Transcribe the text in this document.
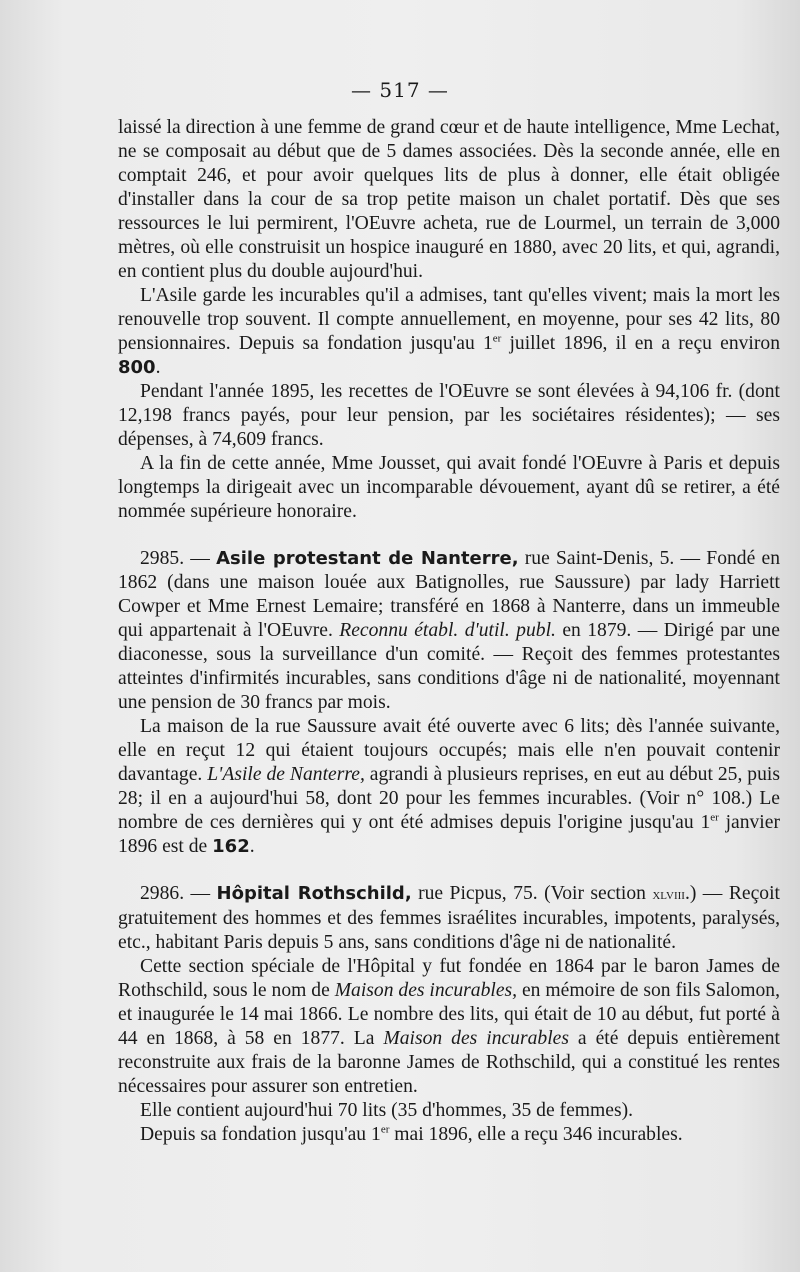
— 517 —

laissé la direction à une femme de grand cœur et de haute intelligence, Mme Lechat, ne se composait au début que de 5 dames associées. Dès la seconde année, elle en comptait 246, et pour avoir quelques lits de plus à donner, elle était obligée d'installer dans la cour de sa trop petite maison un chalet portatif. Dès que ses ressources le lui permirent, l'OEuvre acheta, rue de Lourmel, un terrain de 3,000 mètres, où elle construisit un hospice inauguré en 1880, avec 20 lits, et qui, agrandi, en contient plus du double aujourd'hui.

L'Asile garde les incurables qu'il a admises, tant qu'elles vivent; mais la mort les renouvelle trop souvent. Il compte annuellement, en moyenne, pour ses 42 lits, 80 pensionnaires. Depuis sa fondation jusqu'au 1er juillet 1896, il en a reçu environ 800.

Pendant l'année 1895, les recettes de l'OEuvre se sont élevées à 94,106 fr. (dont 12,198 francs payés, pour leur pension, par les sociétaires résidentes); — ses dépenses, à 74,609 francs.

A la fin de cette année, Mme Jousset, qui avait fondé l'OEuvre à Paris et depuis longtemps la dirigeait avec un incomparable dévouement, ayant dû se retirer, a été nommée supérieure honoraire.

2985. — Asile protestant de Nanterre, rue Saint-Denis, 5. — Fondé en 1862 (dans une maison louée aux Batignolles, rue Saussure) par lady Harriett Cowper et Mme Ernest Lemaire; transféré en 1868 à Nanterre, dans un immeuble qui appartenait à l'OEuvre. Reconnu établ. d'util. publ. en 1879. — Dirigé par une diaconesse, sous la surveillance d'un comité. — Reçoit des femmes protestantes atteintes d'infirmités incurables, sans conditions d'âge ni de nationalité, moyennant une pension de 30 francs par mois.

La maison de la rue Saussure avait été ouverte avec 6 lits; dès l'année suivante, elle en reçut 12 qui étaient toujours occupés; mais elle n'en pouvait contenir davantage. L'Asile de Nanterre, agrandi à plusieurs reprises, en eut au début 25, puis 28; il en a aujourd'hui 58, dont 20 pour les femmes incurables. (Voir n° 108.) Le nombre de ces dernières qui y ont été admises depuis l'origine jusqu'au 1er janvier 1896 est de 162.

2986. — Hôpital Rothschild, rue Picpus, 75. (Voir section xlviii.) — Reçoit gratuitement des hommes et des femmes israélites incurables, impotents, paralysés, etc., habitant Paris depuis 5 ans, sans conditions d'âge ni de nationalité.

Cette section spéciale de l'Hôpital y fut fondée en 1864 par le baron James de Rothschild, sous le nom de Maison des incurables, en mémoire de son fils Salomon, et inaugurée le 14 mai 1866. Le nombre des lits, qui était de 10 au début, fut porté à 44 en 1868, à 58 en 1877. La Maison des incurables a été depuis entièrement reconstruite aux frais de la baronne James de Rothschild, qui a constitué les rentes nécessaires pour assurer son entretien.

Elle contient aujourd'hui 70 lits (35 d'hommes, 35 de femmes).

Depuis sa fondation jusqu'au 1er mai 1896, elle a reçu 346 incurables.
